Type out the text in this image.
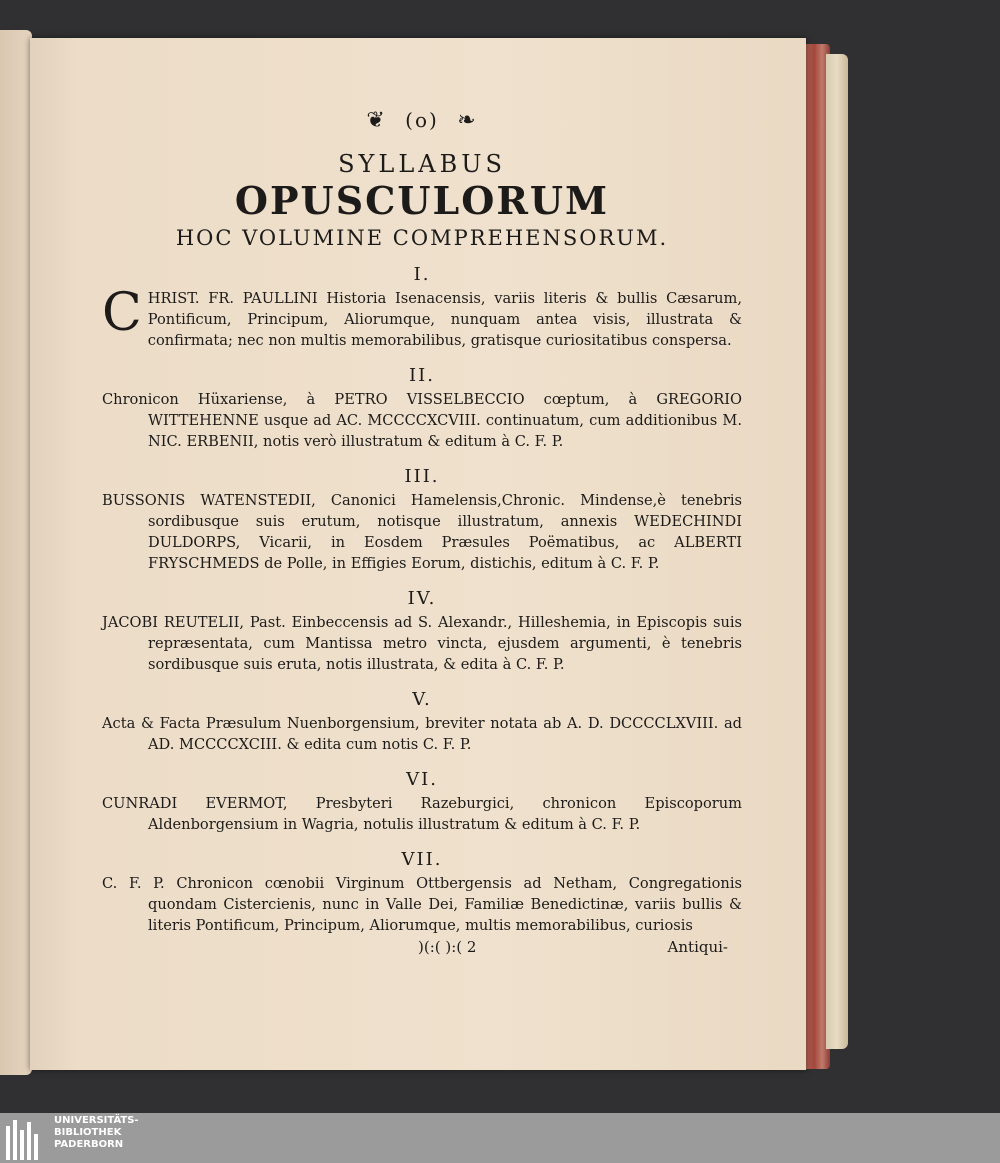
❦ (o) ❧
SYLLABUS
OPUSCULORUM
HOC VOLUMINE COMPREHENSORUM.
I.
CHRIST. FR. PAULLINI Historia Isenacensis, variis literis & bullis Cæsarum, Pontificum, Principum, Aliorumque, nunquam antea visis, illustrata & confirmata; nec non multis memorabilibus, gratisque curiositatibus conspersa.
II.
Chronicon Hüxariense, à PETRO VISSELBECCIO cœptum, à GREGORIO WITTEHENNE usque ad AC. MCCCCXCVIII. continuatum, cum additionibus M. NIC. ERBENII, notis verò illustratum & editum à C. F. P.
III.
BUSSONIS WATENSTEDII, Canonici Hamelensis,Chronic. Mindense,è tenebris sordibusque suis erutum, notisque illustratum, annexis WEDECHINDI DULDORPS, Vicarii, in Eosdem Præsules Poëmatibus, ac ALBERTI FRYSCHMEDS de Polle, in Effigies Eorum, distichis, editum à C. F. P.
IV.
JACOBI REUTELII, Past. Einbeccensis ad S. Alexandr., Hilleshemia, in Episcopis suis repræsentata, cum Mantissa metro vincta, ejusdem argumenti, è tenebris sordibusque suis eruta, notis illustrata, & edita à C. F. P.
V.
Acta & Facta Præsulum Nuenborgensium, breviter notata ab A. D. DCCCCLXVIII. ad AD. MCCCCXCIII. & edita cum notis C. F. P.
VI.
CUNRADI EVERMOT, Presbyteri Razeburgici, chronicon Episcoporum Aldenborgensium in Wagria, notulis illustratum & editum à C. F. P.
VII.
C. F. P. Chronicon cœnobii Virginum Ottbergensis ad Netham, Congregationis quondam Cistercienis, nunc in Valle Dei, Familiæ Benedictinæ, variis bullis & literis Pontificum, Principum, Aliorumque, multis memorabilibus, curiosis
)(:( ):( 2	Antiqui-
UNIVERSITÄTS-
BIBLIOTHEK
PADERBORN
